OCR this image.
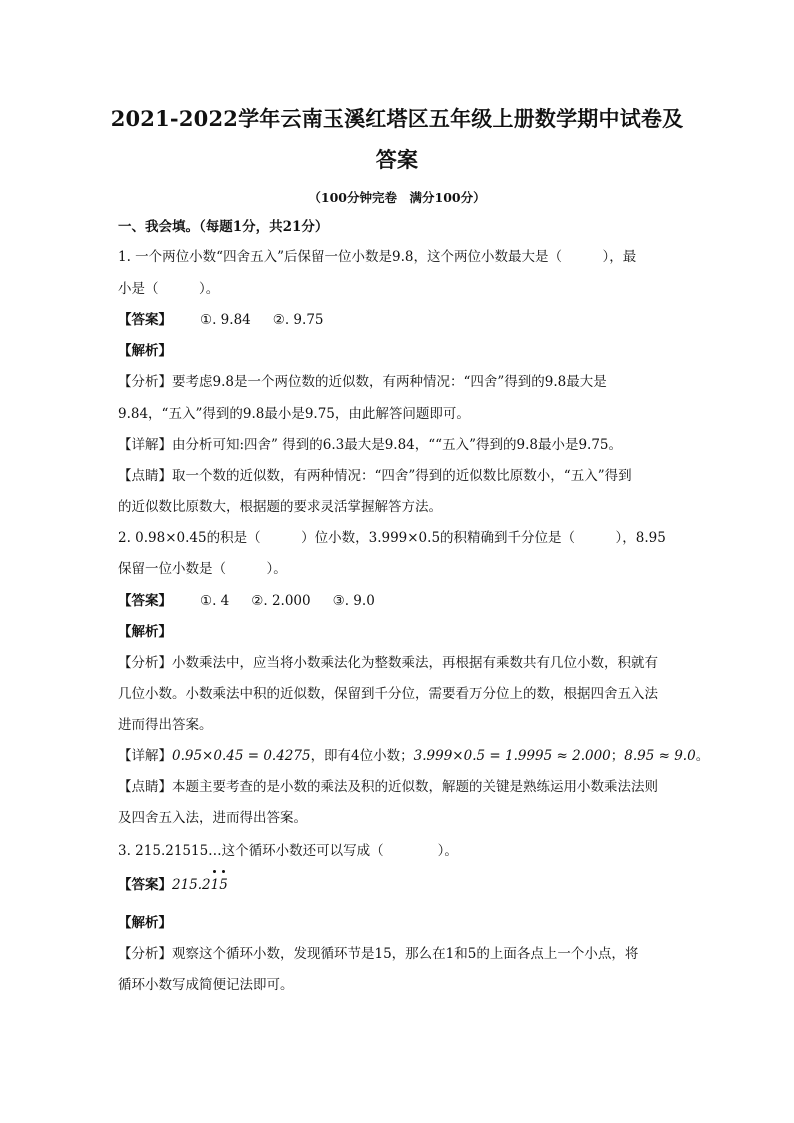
2021-2022学年云南玉溪红塔区五年级上册数学期中试卷及
答案
（100分钟完卷　满分100分）
一、我会填。（每题1分，共21分）
1. 一个两位小数“四舍五入”后保留一位小数是9.8，这个两位小数最大是（　　　），最
小是（　　　）。
【答案】 ①. 9.84 ②. 9.75
【解析】
【分析】要考虑9.8是一个两位数的近似数，有两种情况：“四舍”得到的9.8最大是
9.84，“五入”得到的9.8最小是9.75，由此解答问题即可。
【详解】由分析可知:四舍” 得到的6.3最大是9.84，““五入”得到的9.8最小是9.75。
【点睛】取一个数的近似数，有两种情况：“四舍”得到的近似数比原数小，“五入”得到
的近似数比原数大，根据题的要求灵活掌握解答方法。
2. 0.98×0.45的积是（　　　）位小数，3.999×0.5的积精确到千分位是（　　　），8.95
保留一位小数是（　　　）。
【答案】 ①. 4 ②. 2.000 ③. 9.0
【解析】
【分析】小数乘法中，应当将小数乘法化为整数乘法，再根据有乘数共有几位小数，积就有
几位小数。小数乘法中积的近似数，保留到千分位，需要看万分位上的数，根据四舍五入法
进而得出答案。
【详解】0.95×0.45 = 0.4275，即有4位小数；3.999×0.5 = 1.9995 ≈ 2.000；8.95 ≈ 9.0。
【点睛】本题主要考查的是小数的乘法及积的近似数，解题的关键是熟练运用小数乘法法则
及四舍五入法，进而得出答案。
3. 215.21515…这个循环小数还可以写成（　　　　）。
【答案】215.2
1
5
【解析】
【分析】观察这个循环小数，发现循环节是15，那么在1和5的上面各点上一个小点，将
循环小数写成简便记法即可。
